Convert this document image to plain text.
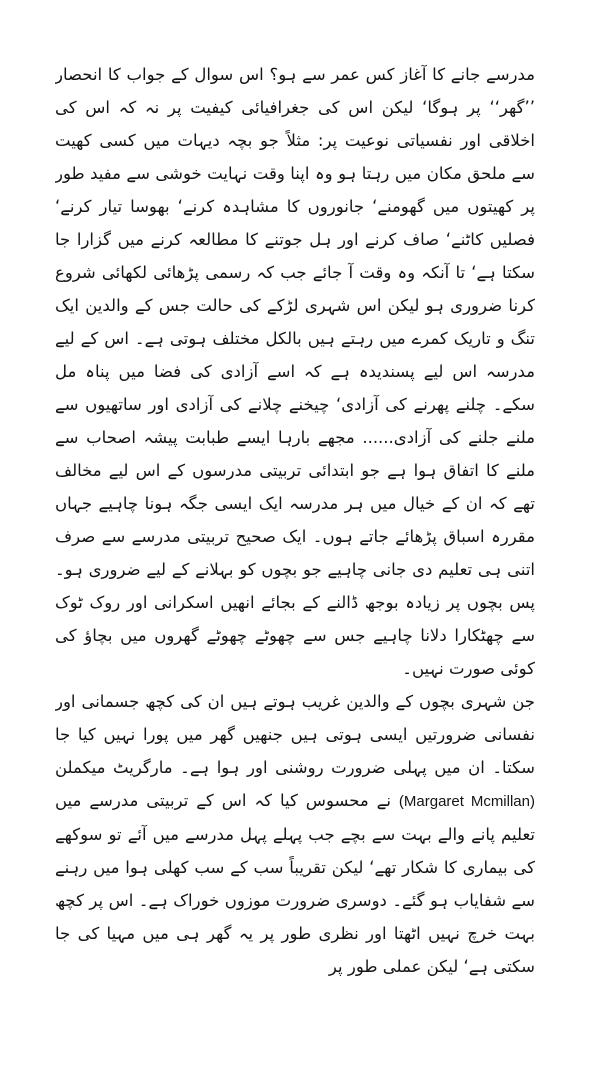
مدرسے جانے کا آغاز کس عمر سے ہو؟ اس سوال کے جواب کا انحصار ’’گھر‘‘ پر ہوگا‘ لیکن اس کی جغرافیائی کیفیت پر نہ کہ اس کی اخلاقی اور نفسیاتی نوعیت پر: مثلاً جو بچہ دیہات میں کسی کھیت سے ملحق مکان میں رہتا ہو وہ اپنا وقت نہایت خوشی سے مفید طور پر کھیتوں میں گھومنے‘ جانوروں کا مشاہدہ کرنے‘ بھوسا تیار کرنے‘ فصلیں کاٹنے‘ صاف کرنے اور ہل جوتنے کا مطالعہ کرنے میں گزارا جا سکتا ہے‘ تا آنکہ وہ وقت آ جائے جب کہ رسمی پڑھائی لکھائی شروع کرنا ضروری ہو لیکن اس شہری لڑکے کی حالت جس کے والدین ایک تنگ و تاریک کمرے میں رہتے ہیں بالکل مختلف ہوتی ہے۔ اس کے لیے مدرسہ اس لیے پسندیدہ ہے کہ اسے آزادی کی فضا میں پناہ مل سکے۔ چلنے پھرنے کی آزادی‘ چیخنے چلانے کی آزادی اور ساتھیوں سے ملنے جلنے کی آزادی...... مجھے بارہا ایسے طبابت پیشہ اصحاب سے ملنے کا اتفاق ہوا ہے جو ابتدائی تربیتی مدرسوں کے اس لیے مخالف تھے کہ ان کے خیال میں ہر مدرسہ ایک ایسی جگہ ہونا چاہیے جہاں مقررہ اسباق پڑھائے جاتے ہوں۔ ایک صحیح تربیتی مدرسے سے صرف اتنی ہی تعلیم دی جانی چاہیے جو بچوں کو بہلانے کے لیے ضروری ہو۔ پس بچوں پر زیادہ بوجھ ڈالنے کے بجائے انھیں اسکرانی اور روک ٹوک سے چھٹکارا دلانا چاہیے جس سے چھوٹے چھوٹے گھروں میں بچاؤ کی کوئی صورت نہیں۔

جن شہری بچوں کے والدین غریب ہوتے ہیں ان کی کچھ جسمانی اور نفسانی ضرورتیں ایسی ہوتی ہیں جنھیں گھر میں پورا نہیں کیا جا سکتا۔ ان میں پہلی ضرورت روشنی اور ہوا ہے۔ مارگریٹ میکملن (Margaret Mcmillan) نے محسوس کیا کہ اس کے تربیتی مدرسے میں تعلیم پانے والے بہت سے بچے جب پہلے پہل مدرسے میں آئے تو سوکھے کی بیماری کا شکار تھے‘ لیکن تقریباً سب کے سب کھلی ہوا میں رہنے سے شفایاب ہو گئے۔ دوسری ضرورت موزوں خوراک ہے۔ اس پر کچھ بہت خرچ نہیں اٹھتا اور نظری طور پر یہ گھر ہی میں مہیا کی جا سکتی ہے‘ لیکن عملی طور پر
